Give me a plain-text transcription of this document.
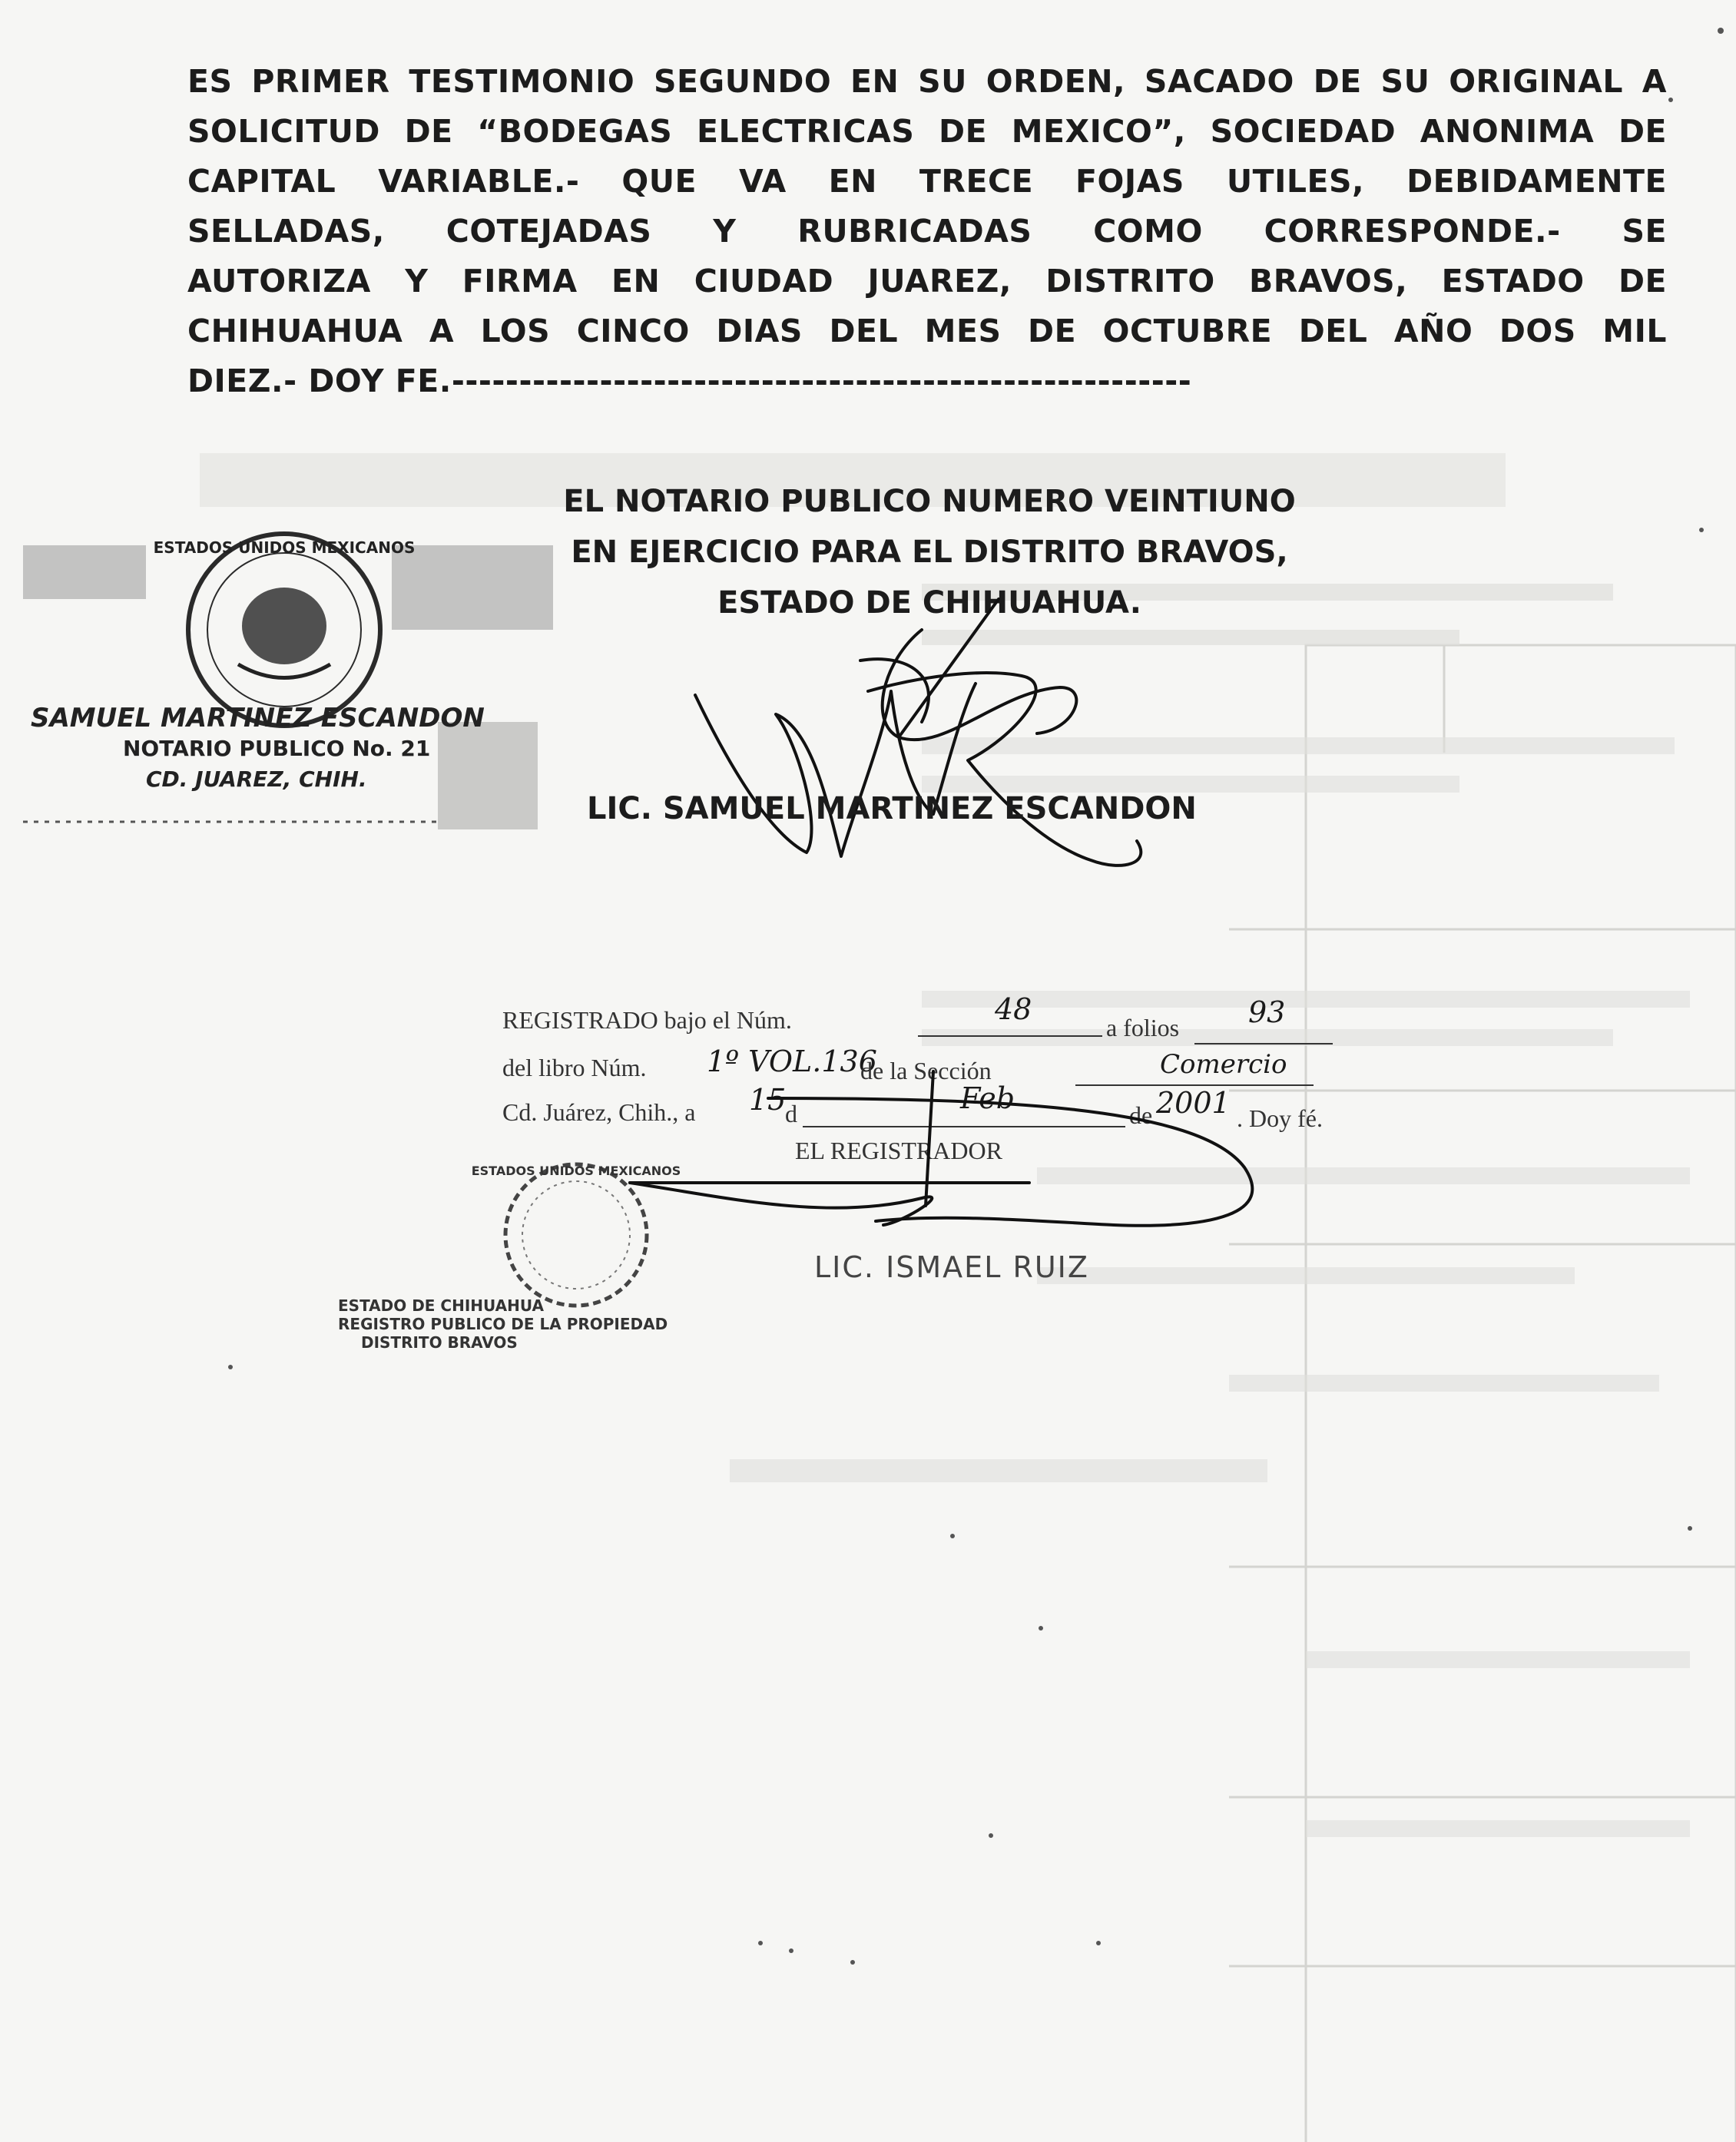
ES PRIMER TESTIMONIO SEGUNDO EN SU ORDEN, SACADO DE SU ORIGINAL A
SOLICITUD DE “BODEGAS ELECTRICAS DE MEXICO”, SOCIEDAD ANONIMA DE
CAPITAL VARIABLE.- QUE VA EN TRECE FOJAS UTILES, DEBIDAMENTE
SELLADAS, COTEJADAS Y RUBRICADAS COMO CORRESPONDE.- SE
AUTORIZA Y FIRMA EN CIUDAD JUAREZ, DISTRITO BRAVOS, ESTADO DE
CHIHUAHUA A LOS CINCO DIAS DEL MES DE OCTUBRE DEL AÑO DOS MIL
DIEZ.- DOY FE.-------------------------------------------------------
EL NOTARIO PUBLICO NUMERO VEINTIUNO
EN EJERCICIO PARA EL DISTRITO BRAVOS,
ESTADO DE CHIHUAHUA.
LIC. SAMUEL MARTINEZ ESCANDON
ESTADOS UNIDOS MEXICANOS
SAMUEL MARTINEZ ESCANDON
NOTARIO PUBLICO No. 21
CD. JUAREZ, CHIH.
REGISTRADO bajo el Núm.	48
a folios 93
del libro Núm. 1º VOL.136
de la Sección	Comercio
Cd. Juárez, Chih., a 15
d	Feb	de 2001 . Doy fé.
EL REGISTRADOR
LIC. ISMAEL RUIZ
ESTADOS UNIDOS MEXICANOS
ESTADO DE CHIHUAHUA
REGISTRO PUBLICO DE LA PROPIEDAD
DISTRITO BRAVOS
